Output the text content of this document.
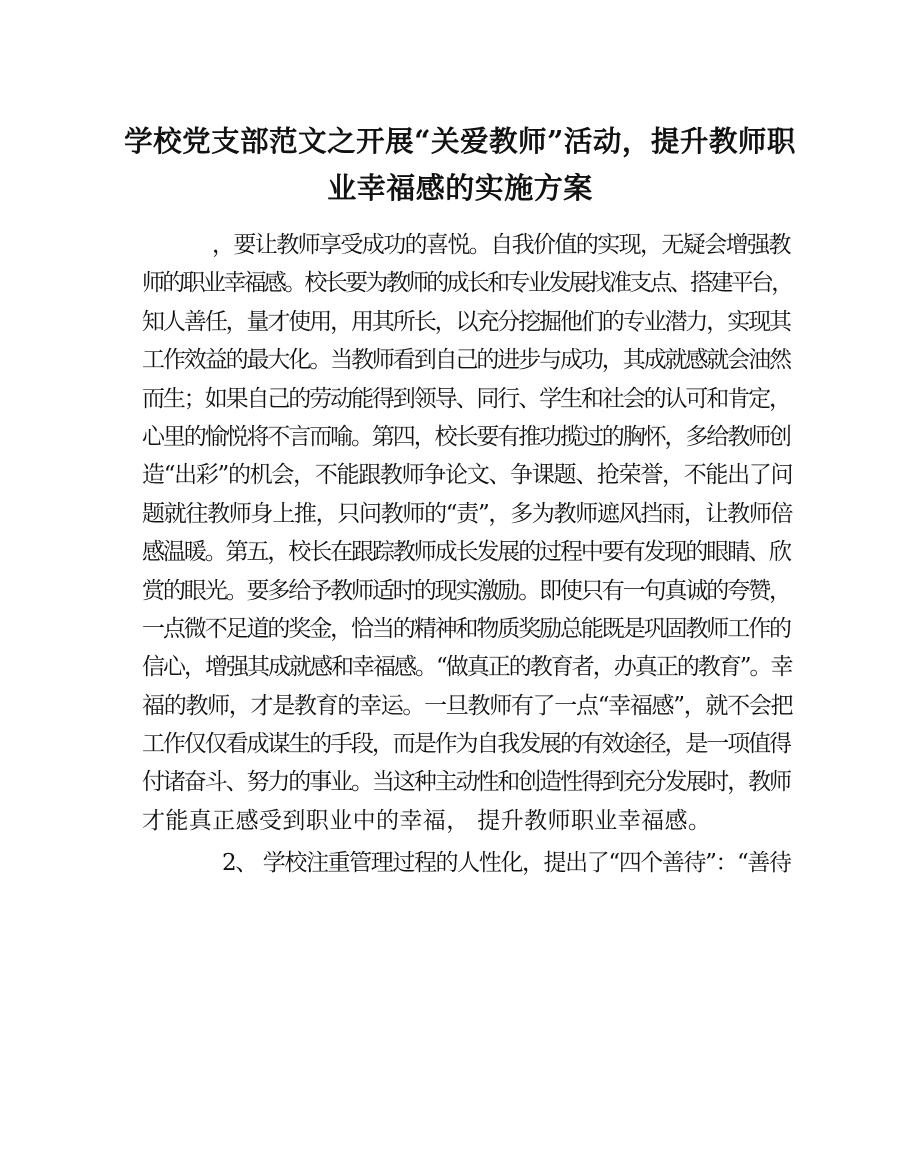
学校党支部范文之开展“关爱教师”活动，提升教师职
业幸福感的实施方案
，要让教师享受成功的喜悦。自我价值的实现，无疑会增强教
师的职业幸福感。校长要为教师的成长和专业发展找准支点、搭建平台，
知人善任，量才使用，用其所长，以充分挖掘他们的专业潜力，实现其
工作效益的最大化。当教师看到自己的进步与成功，其成就感就会油然
而生；如果自己的劳动能得到领导、同行、学生和社会的认可和肯定，
心里的愉悦将不言而喻。第四，校长要有推功揽过的胸怀，多给教师创
造“出彩”的机会，不能跟教师争论文、争课题、抢荣誉，不能出了问
题就往教师身上推，只问教师的“责”，多为教师遮风挡雨，让教师倍
感温暖。第五，校长在跟踪教师成长发展的过程中要有发现的眼睛、欣
赏的眼光。要多给予教师适时的现实激励。即使只有一句真诚的夸赞，
一点微不足道的奖金，恰当的精神和物质奖励总能既是巩固教师工作的
信心，增强其成就感和幸福感。“做真正的教育者，办真正的教育”。幸
福的教师，才是教育的幸运。一旦教师有了一点“幸福感”，就不会把
工作仅仅看成谋生的手段，而是作为自我发展的有效途径，是一项值得
付诸奋斗、努力的事业。当这种主动性和创造性得到充分发展时，教师
才能真正感受到职业中的幸福， 提升教师职业幸福感。
2、 学校注重管理过程的人性化，提出了“四个善待”：“善待
